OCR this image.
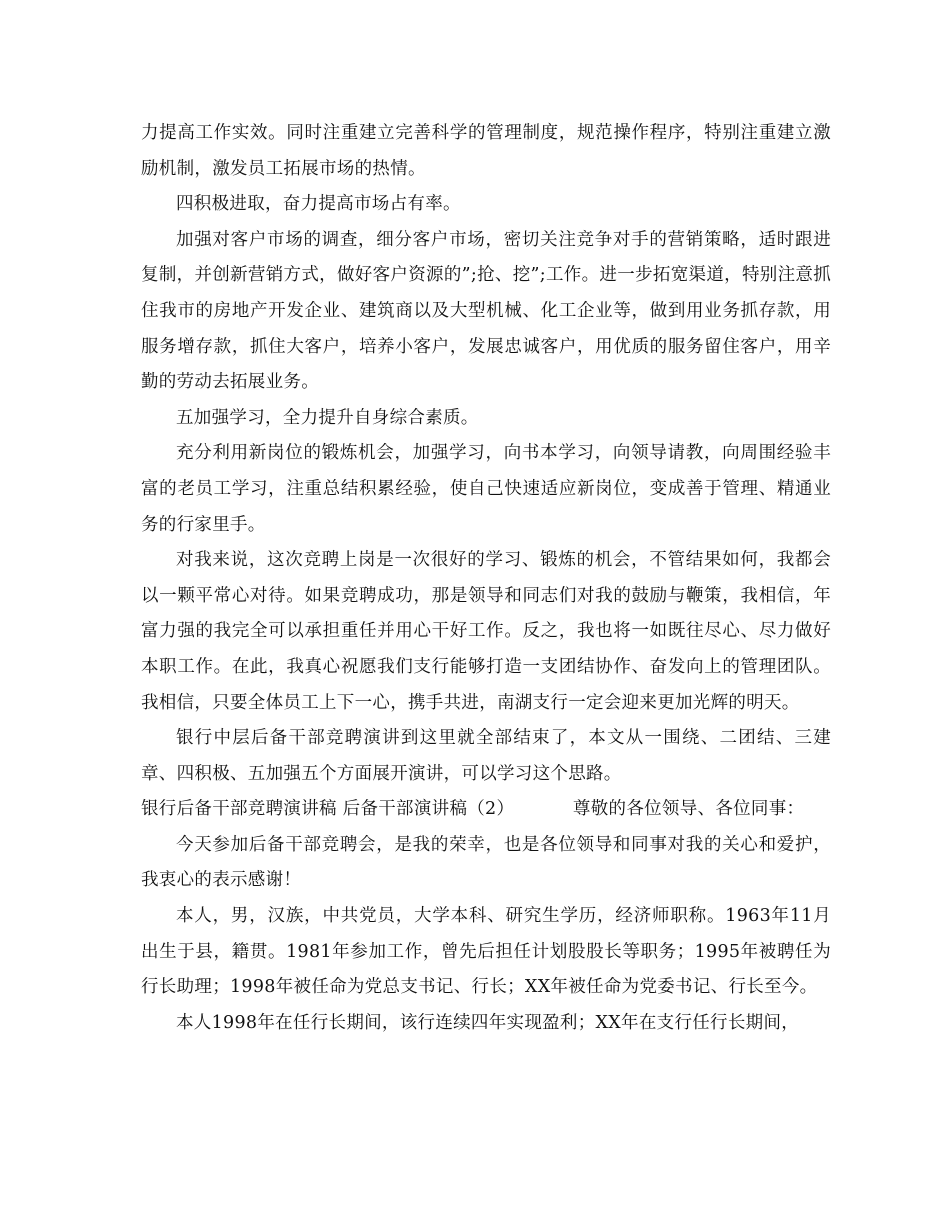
力提高工作实效。同时注重建立完善科学的管理制度，规范操作程序，特别注重建立激励机制，激发员工拓展市场的热情。

四积极进取，奋力提高市场占有率。

加强对客户市场的调查，细分客户市场，密切关注竞争对手的营销策略，适时跟进复制，并创新营销方式，做好客户资源的”;抢、挖”;工作。进一步拓宽渠道，特别注意抓住我市的房地产开发企业、建筑商以及大型机械、化工企业等，做到用业务抓存款，用服务增存款，抓住大客户，培养小客户，发展忠诚客户，用优质的服务留住客户，用辛勤的劳动去拓展业务。

五加强学习，全力提升自身综合素质。

充分利用新岗位的锻炼机会，加强学习，向书本学习，向领导请教，向周围经验丰富的老员工学习，注重总结积累经验，使自己快速适应新岗位，变成善于管理、精通业务的行家里手。

对我来说，这次竞聘上岗是一次很好的学习、锻炼的机会，不管结果如何，我都会以一颗平常心对待。如果竞聘成功，那是领导和同志们对我的鼓励与鞭策，我相信，年富力强的我完全可以承担重任并用心干好工作。反之，我也将一如既往尽心、尽力做好本职工作。在此，我真心祝愿我们支行能够打造一支团结协作、奋发向上的管理团队。我相信，只要全体员工上下一心，携手共进，南湖支行一定会迎来更加光辉的明天。

银行中层后备干部竞聘演讲到这里就全部结束了，本文从一围绕、二团结、三建章、四积极、五加强五个方面展开演讲，可以学习这个思路。

银行后备干部竞聘演讲稿 后备干部演讲稿（2）          尊敬的各位领导、各位同事：

今天参加后备干部竞聘会，是我的荣幸，也是各位领导和同事对我的关心和爱护，我衷心的表示感谢！

本人，男，汉族，中共党员，大学本科、研究生学历，经济师职称。1963年11月出生于县，籍贯。1981年参加工作，曾先后担任计划股股长等职务；1995年被聘任为行长助理；1998年被任命为党总支书记、行长；XX年被任命为党委书记、行长至今。

本人1998年在任行长期间，该行连续四年实现盈利；XX年在支行任行长期间，
